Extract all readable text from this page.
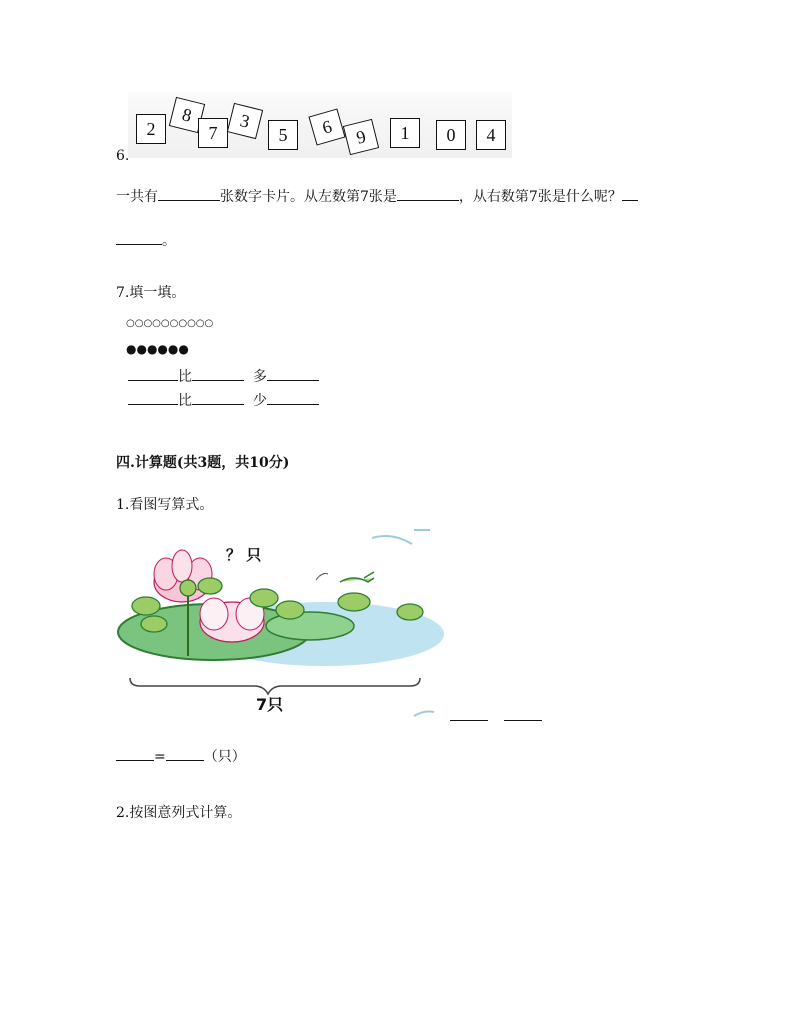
2
8
7
3
5 6 9 1 0 4
6.
一共有	张数字卡片。从左数第7张是	，从右数第7张是什么呢？
。
7.填一填。
○○○○○○○○○○
●●●●●●
比	多
比	少
四.计算题(共3题，共10分)
1.看图写算式。
？ 只
7只
=	（只）
2.按图意列式计算。
